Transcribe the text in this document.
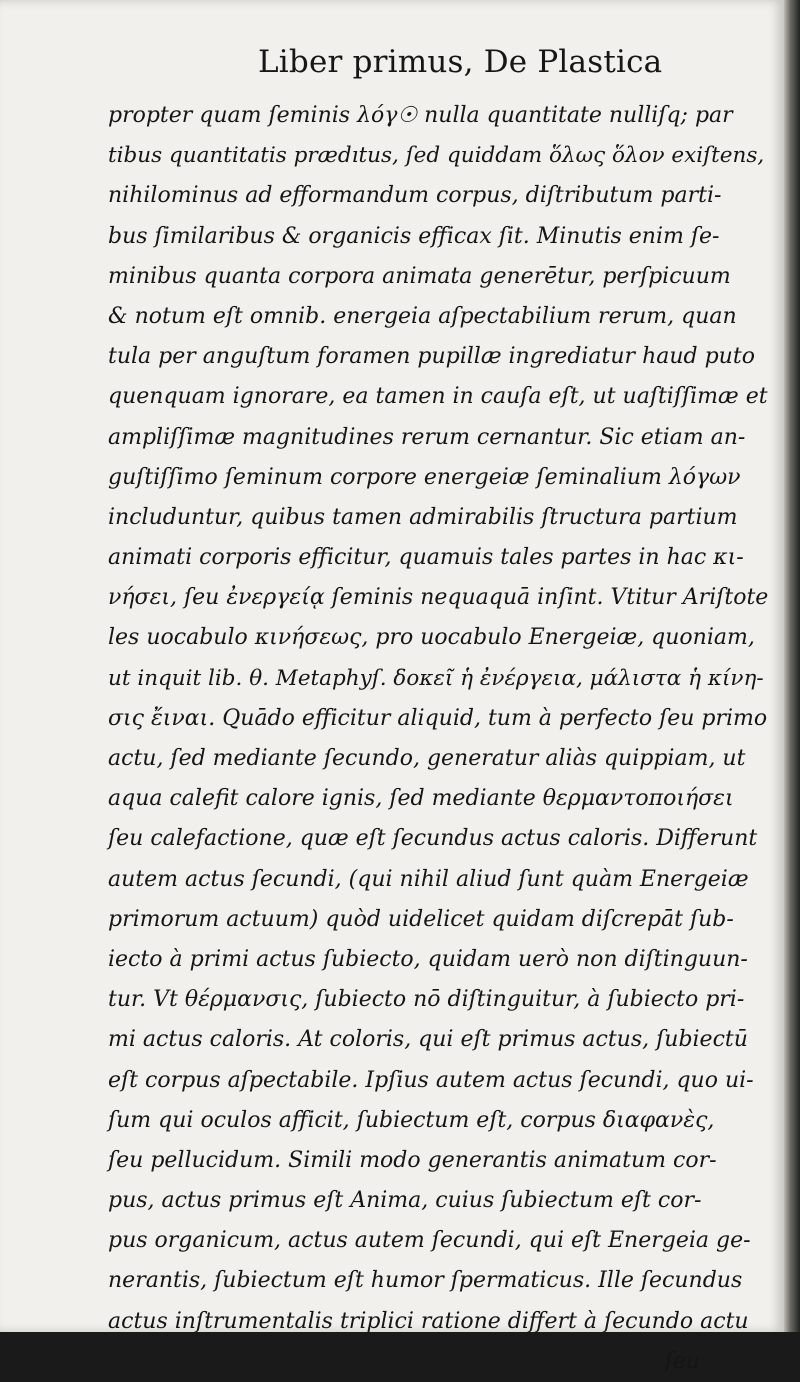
Liber primus, De Plastica
propter quam ſeminis λόγ☉ nulla quantitate nulliſq; par
tibus quantitatis prædıtus, ſed quiddam ὅλως ὅλον exiſtens,
nihilominus ad efformandum corpus, diſtributum parti-
bus ſimilaribus & organicis efficax ſit. Minutis enim ſe-
minibus quanta corpora animata generētur, perſpicuum
& notum eſt omnib. energeia aſpectabilium rerum, quan
tula per anguſtum foramen pupillæ ingrediatur haud puto
quenquam ignorare, ea tamen in cauſa eſt, ut uaſtiſſimæ et
ampliſſimæ magnitudines rerum cernantur. Sic etiam an-
guſtiſſimo ſeminum corpore energeiæ ſeminalium λόγων
includuntur, quibus tamen admirabilis ſtructura partium
animati corporis efficitur, quamuis tales partes in hac κι-
νήσει, ſeu ἐνεργείᾳ ſeminis nequaquā inſint. Vtitur Ariſtote
les uocabulo κινήσεως, pro uocabulo Energeiæ, quoniam,
ut inquit lib. θ. Metaphyſ. δοκεῖ ἡ ἐνέργεια, μάλιστα ἡ κίνη-
σις ἔιναι. Quādo efficitur aliquid, tum à perfecto ſeu primo
actu, ſed mediante ſecundo, generatur aliàs quippiam, ut
aqua calefit calore ignis, ſed mediante θερμαντοποιήσει
ſeu calefactione, quæ eſt ſecundus actus caloris. Differunt
autem actus ſecundi, (qui nihil aliud ſunt quàm Energeiæ
primorum actuum) quòd uidelicet quidam diſcrepāt ſub-
iecto à primi actus ſubiecto, quidam uerò non diſtinguun-
tur. Vt θέρμανσις, ſubiecto nō diſtinguitur, à ſubiecto pri-
mi actus caloris. At coloris, qui eſt primus actus, ſubiectū
eſt corpus aſpectabile. Ipſius autem actus ſecundi, quo ui-
ſum qui oculos afficit, ſubiectum eſt, corpus διαφανὲς,
ſeu pellucidum. Simili modo generantis animatum cor-
pus, actus primus eſt Anima, cuius ſubiectum eſt cor-
pus organicum, actus autem ſecundi, qui eſt Energeia ge-
nerantis, ſubiectum eſt humor ſpermaticus. Ille ſecundus
actus inſtrumentalis triplici ratione differt à ſecundo actu
ſeu
